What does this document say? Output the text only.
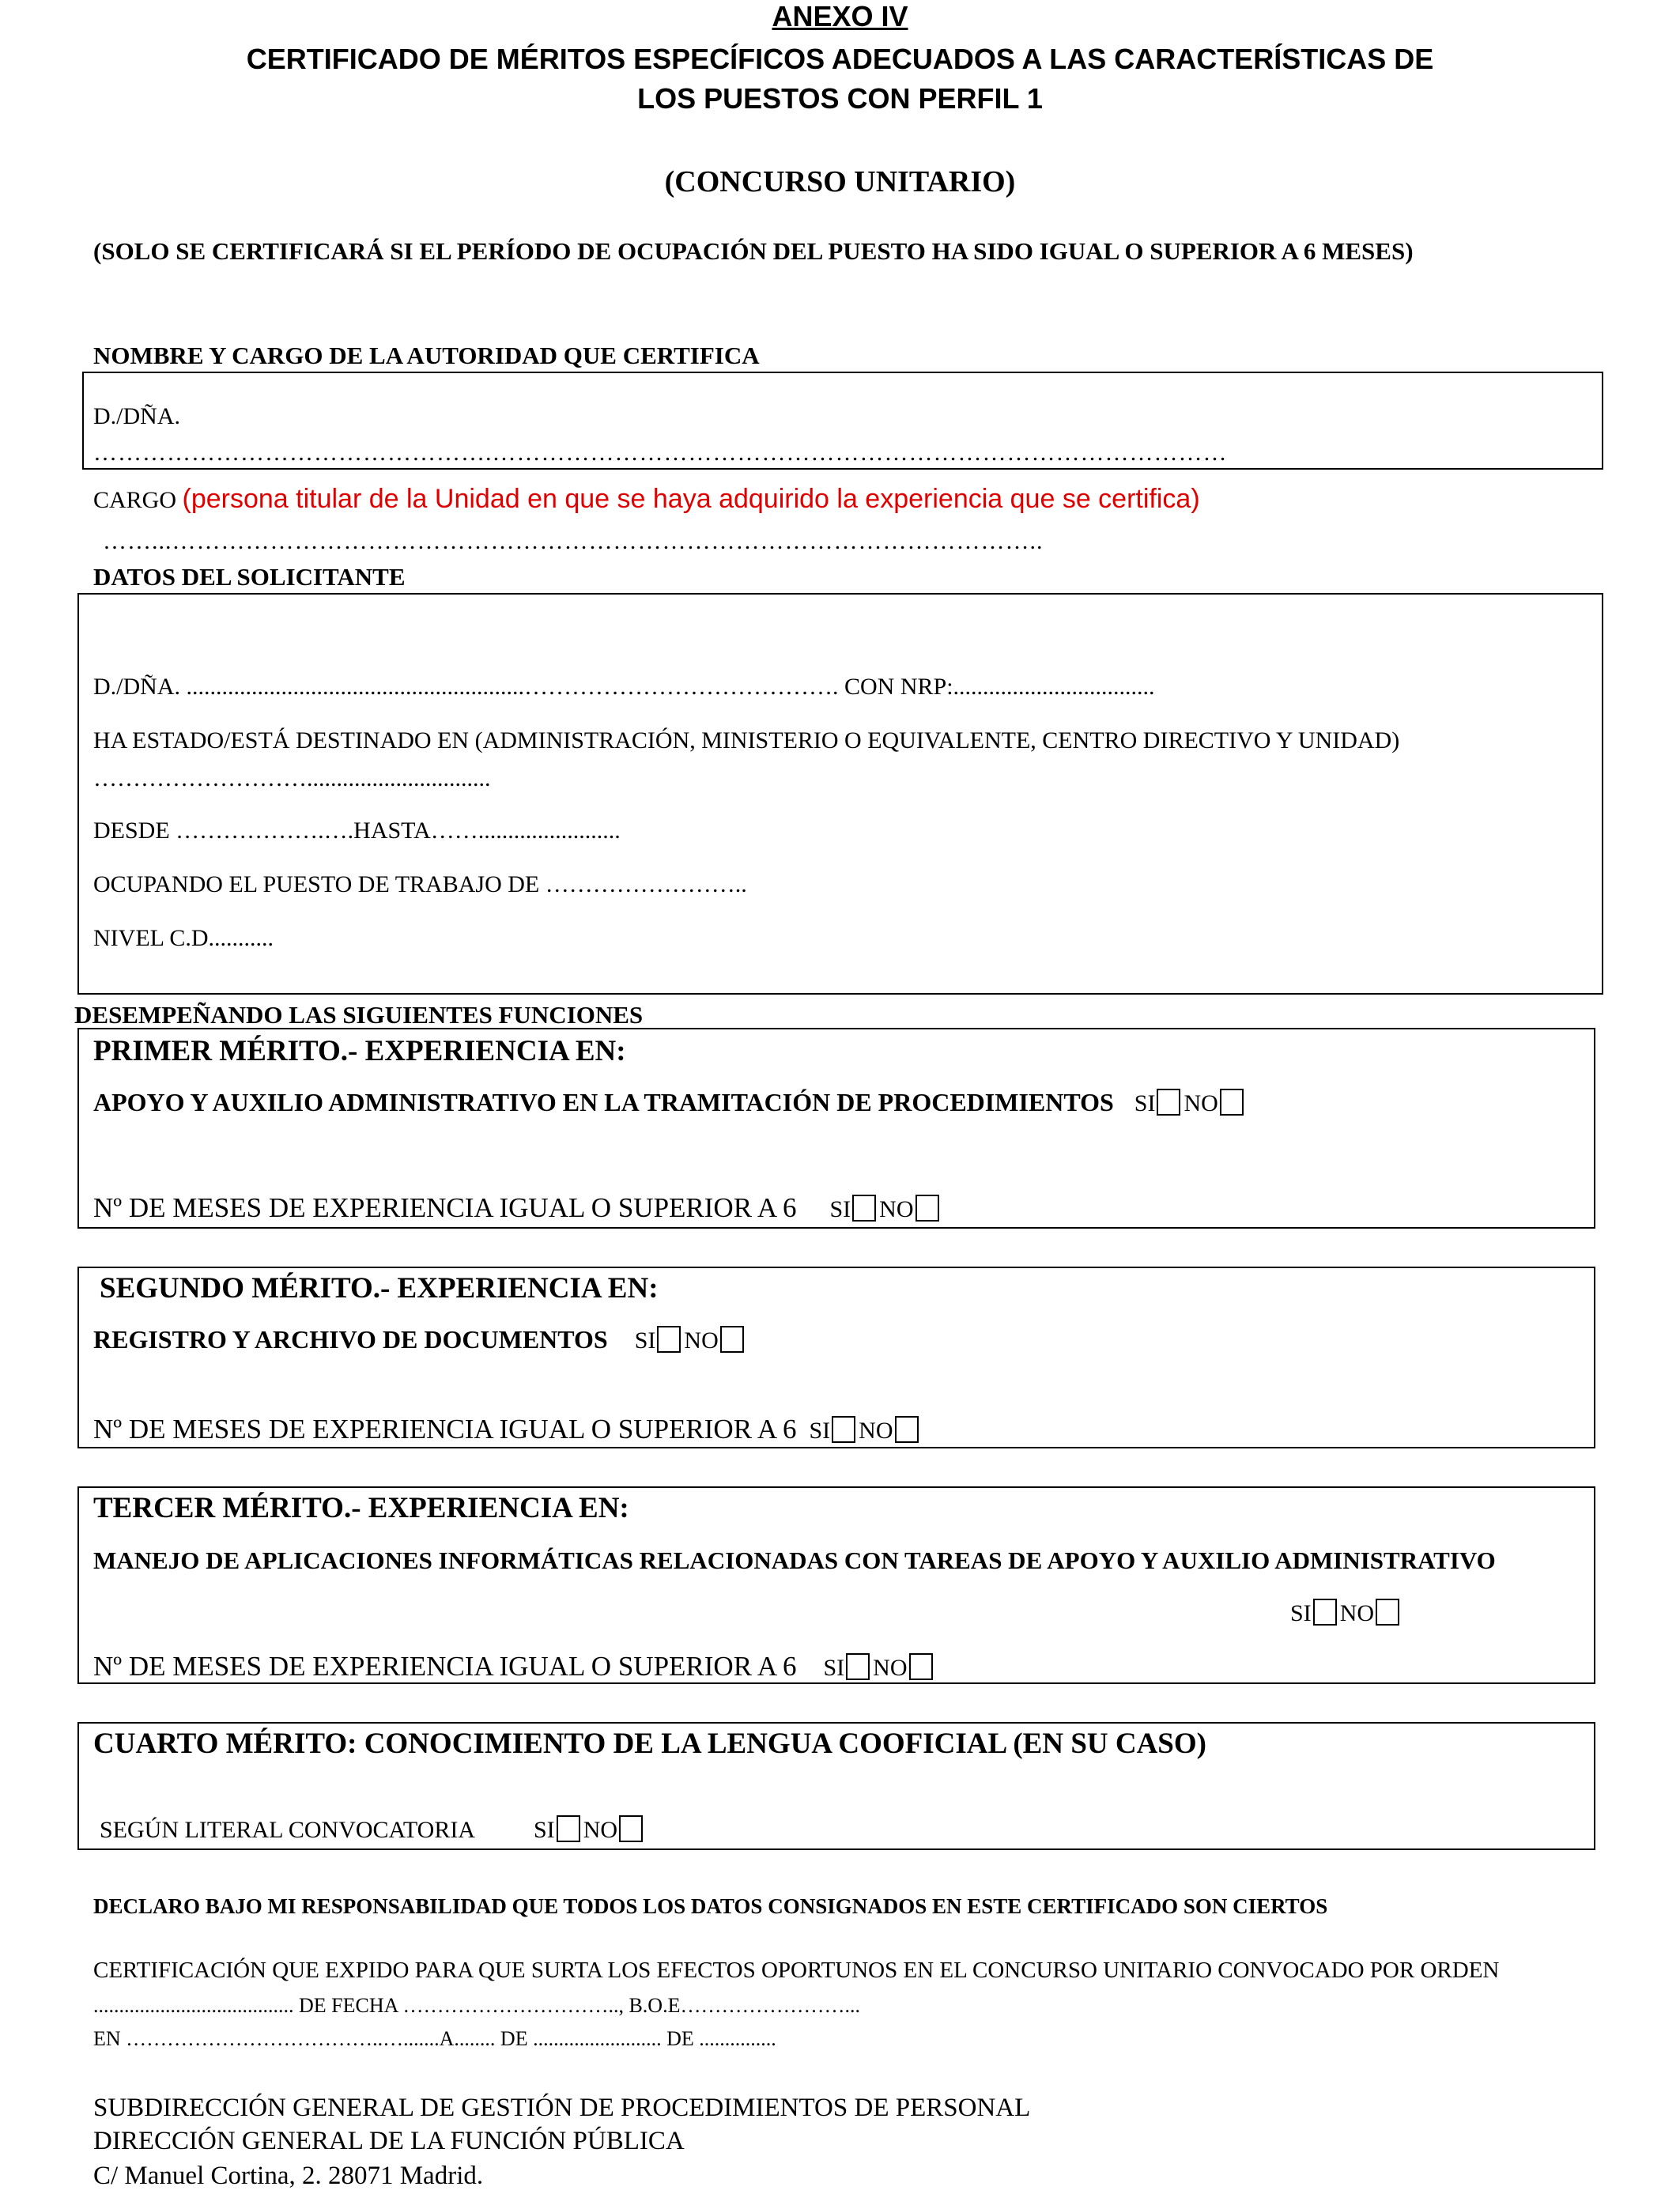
ANEXO IV
CERTIFICADO DE MÉRITOS ESPECÍFICOS ADECUADOS A LAS CARACTERÍSTICAS DE
LOS PUESTOS CON PERFIL 1
(CONCURSO UNITARIO)
(SOLO SE CERTIFICARÁ SI EL PERÍODO DE OCUPACIÓN DEL PUESTO HA SIDO IGUAL O SUPERIOR A 6 MESES)
NOMBRE Y CARGO DE LA AUTORIDAD QUE CERTIFICA
D./DÑA.
………………………………………….………………………………………………………………………………
CARGO (persona titular de la Unidad en que se haya adquirido la experiencia que se certifica)
……...……………………………………………………………………………………………..
DATOS DEL SOLICITANTE
D./DÑA. .........................................................…………………………………. CON NRP:..................................
HA ESTADO/ESTÁ DESTINADO EN (ADMINISTRACIÓN, MINISTERIO O EQUIVALENTE, CENTRO DIRECTIVO Y UNIDAD)
………………………...............................
DESDE ……………….….HASTA……........................
OCUPANDO EL PUESTO DE TRABAJO DE ……………………..
NIVEL C.D...........
DESEMPEÑANDO LAS SIGUIENTES FUNCIONES
PRIMER MÉRITO.- EXPERIENCIA EN:
APOYO Y AUXILIO ADMINISTRATIVO EN LA TRAMITACIÓN DE PROCEDIMIENTOS SI NO
Nº DE MESES DE EXPERIENCIA IGUAL O SUPERIOR A 6 SI NO
SEGUNDO MÉRITO.- EXPERIENCIA EN:
REGISTRO Y ARCHIVO DE DOCUMENTOS SI NO
Nº DE MESES DE EXPERIENCIA IGUAL O SUPERIOR A 6 SI NO
TERCER MÉRITO.- EXPERIENCIA EN:
MANEJO DE APLICACIONES INFORMÁTICAS RELACIONADAS CON TAREAS DE APOYO Y AUXILIO ADMINISTRATIVO
SI NO
Nº DE MESES DE EXPERIENCIA IGUAL O SUPERIOR A 6 SI NO
CUARTO MÉRITO: CONOCIMIENTO DE LA LENGUA COOFICIAL (EN SU CASO)
SEGÚN LITERAL CONVOCATORIA SI NO
DECLARO BAJO MI RESPONSABILIDAD QUE TODOS LOS DATOS CONSIGNADOS EN ESTE CERTIFICADO SON CIERTOS
CERTIFICACIÓN QUE EXPIDO PARA QUE SURTA LOS EFECTOS OPORTUNOS EN EL CONCURSO UNITARIO CONVOCADO POR ORDEN
....................................... DE FECHA ………………………….., B.O.E……………………...
EN ………………………………..….......A........ DE ......................... DE ...............
SUBDIRECCIÓN GENERAL DE GESTIÓN DE PROCEDIMIENTOS DE PERSONAL
DIRECCIÓN GENERAL DE LA FUNCIÓN PÚBLICA
C/ Manuel Cortina, 2. 28071 Madrid.
